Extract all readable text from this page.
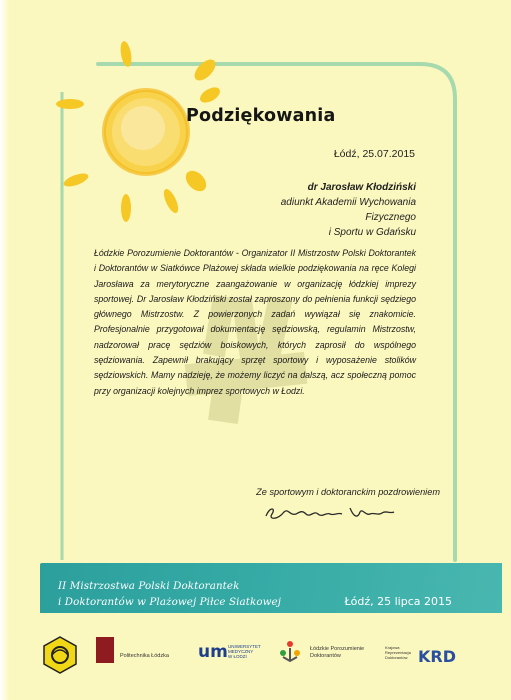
Podziękowania
Łódź, 25.07.2015
dr Jarosław Kłodziński
adiunkt Akademii Wychowania Fizycznego
i Sportu w Gdańsku
Łódzkie Porozumienie Doktorantów - Organizator II Mistrzostw Polski Doktorantek i Doktorantów w Siatkówce Plażowej składa wielkie podziękowania na ręce Kolegi Jarosława za merytoryczne zaangażowanie w organizację łódzkiej imprezy sportowej. Dr Jarosław Kłodziński został zaproszony do pełnienia funkcji sędziego głównego Mistrzostw. Z powierzonych zadań wywiązał się znakomicie. Profesjonalnie przygotował dokumentację sędziowską, regulamin Mistrzostw, nadzorował pracę sędziów boiskowych, których zaprosił do wspólnego sędziowania. Zapewnił brakujący sprzęt sportowy i wyposażenie stolików sędziowskich. Mamy nadzieję, że możemy liczyć na dalszą, acz społeczną pomoc przy organizacji kolejnych imprez sportowych w Łodzi.
Ze sportowym i doktoranckim pozdrowieniem
II Mistrzostwa Polski Doktorantek
i Doktorantów w Plażowej Piłce Siatkowej	Łódź, 25 lipca 2015
Politechnika Łódzka um UNIWERSYTET
MEDYCZNY
W ŁODZI
Łódzkie Porozumienie
Doktorantów
Krajowa
Reprezentacja
Doktorantów KRD
